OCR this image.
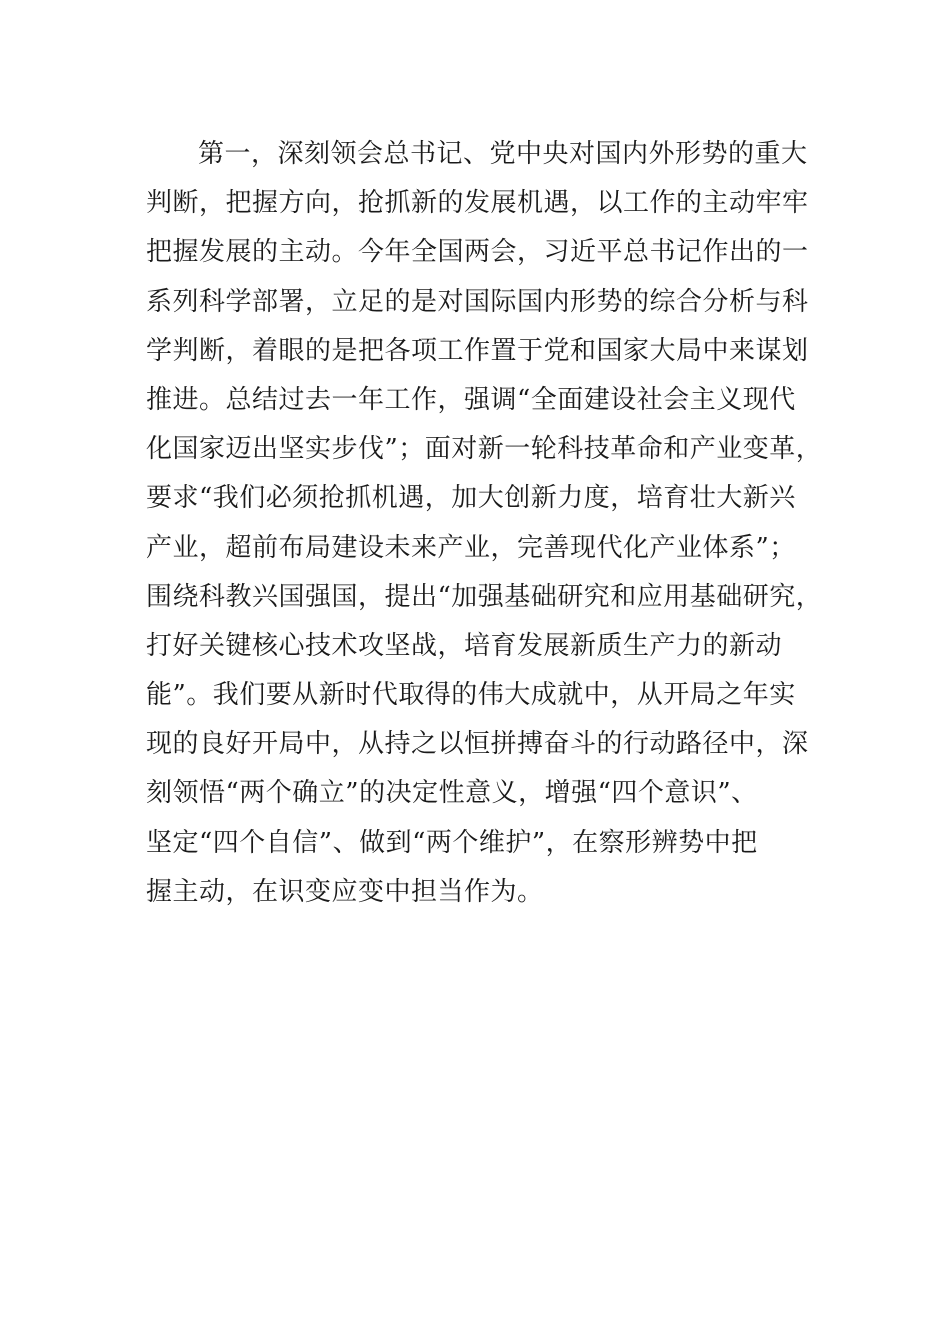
第一，深刻领会总书记、党中央对国内外形势的重大
判断，把握方向，抢抓新的发展机遇，以工作的主动牢牢
把握发展的主动。今年全国两会，习近平总书记作出的一
系列科学部署，立足的是对国际国内形势的综合分析与科
学判断，着眼的是把各项工作置于党和国家大局中来谋划
推进。总结过去一年工作，强调“全面建设社会主义现代
化国家迈出坚实步伐”；面对新一轮科技革命和产业变革，
要求“我们必须抢抓机遇，加大创新力度，培育壮大新兴
产业，超前布局建设未来产业，完善现代化产业体系”；
围绕科教兴国强国，提出“加强基础研究和应用基础研究，
打好关键核心技术攻坚战，培育发展新质生产力的新动
能”。我们要从新时代取得的伟大成就中，从开局之年实
现的良好开局中，从持之以恒拼搏奋斗的行动路径中，深
刻领悟“两个确立”的决定性意义，增强“四个意识”、
坚定“四个自信”、做到“两个维护”，在察形辨势中把
握主动，在识变应变中担当作为。
